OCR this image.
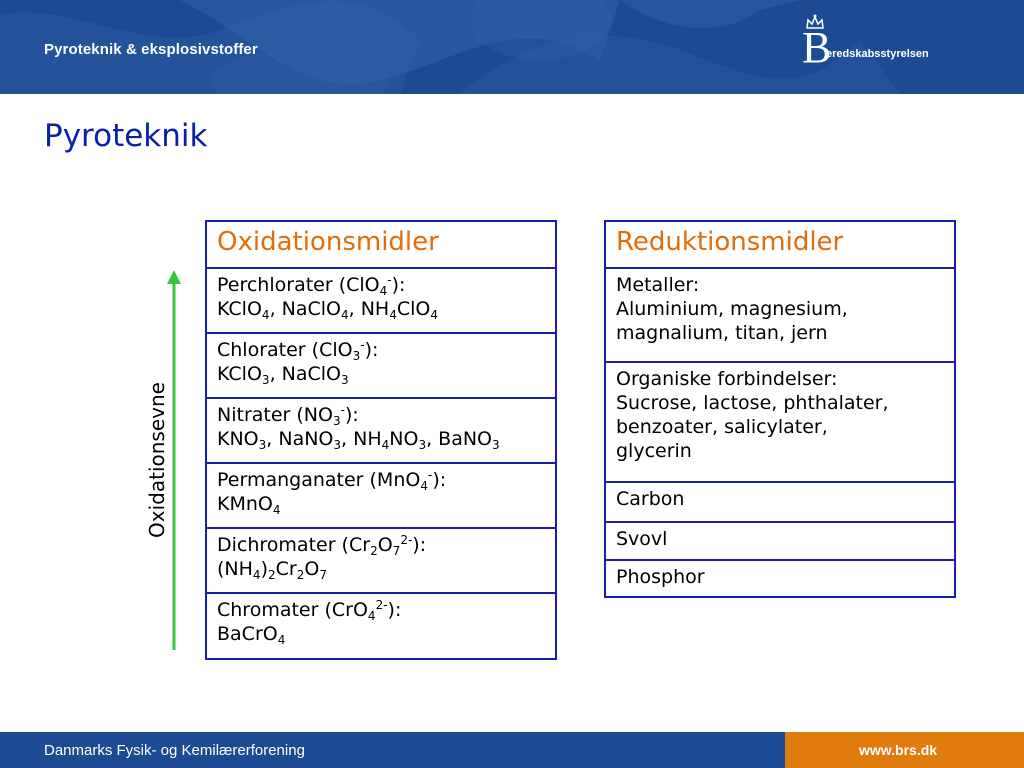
Pyroteknik & eksplosivstoffer	B
eredskabsstyrelsen
Pyroteknik
Oxidationsevne
Oxidationsmidler
Perchlorater (ClO$_4$-):
KClO$_4$, NaClO$_4$, $NH_4ClO_4$
Chlorater (ClO$_3$-):
KClO$_3$, NaClO$_3$
Nitrater $(NO_3^-)$:
$KNO_3$, NaNO$_3$, $NH_4NO_3$, BaNO$_3$
Permanganater (MnO$_4$-):
KMnO$_4$
Dichromater $(Cr_2O_7^{2-})$:
$(NH_4)_2Cr_2O_7$
Chromater (CrO$_4^{2-}$):
BaCrO$_4$
Reduktionsmidler
Metaller:
Aluminium, magnesium,
magnalium, titan, jern
Organiske forbindelser:
Sucrose, lactose, phthalater,
benzoater, salicylater,
glycerin
Carbon
Svovl
Phosphor
Danmarks Fysik- og Kemilærerforening	www.brs.dk
